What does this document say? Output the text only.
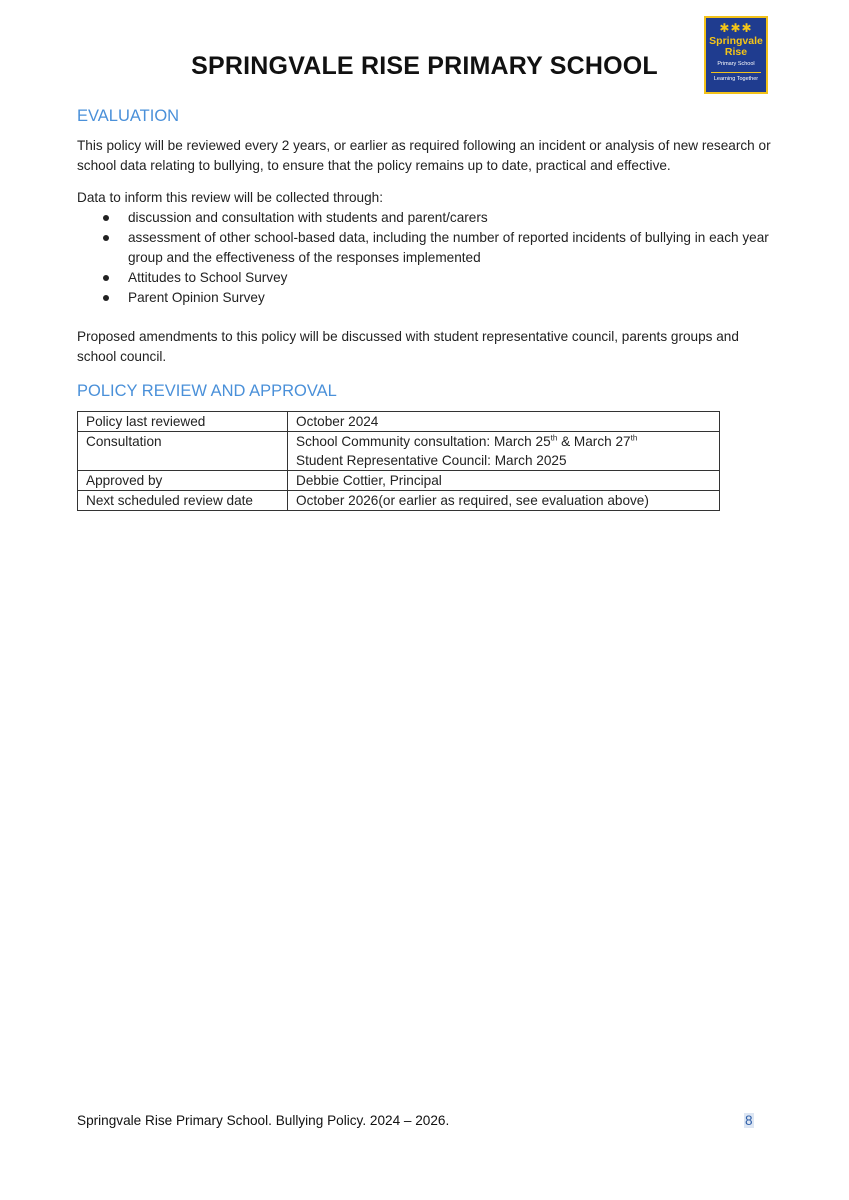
SPRINGVALE RISE PRIMARY SCHOOL
✱✱✱
Springvale
Rise
Primary School
Learning Together
EVALUATION
This policy will be reviewed every 2 years, or earlier as required following an incident or analysis of new research or school data relating to bullying, to ensure that the policy remains up to date, practical and effective.
Data to inform this review will be collected through:
discussion and consultation with students and parent/carers
assessment of other school-based data, including the number of reported incidents of bullying in each year group and the effectiveness of the responses implemented
Attitudes to School Survey
Parent Opinion Survey
Proposed amendments to this policy will be discussed with student representative council, parents groups and school council.
POLICY REVIEW AND APPROVAL
Policy last reviewed	October 2024
Consultation	School Community consultation: March 25th & March 27th
Student Representative Council: March 2025

Approved by	Debbie Cottier, Principal
Next scheduled review date	October 2026(or earlier as required, see evaluation above)
Springvale Rise Primary School. Bullying Policy. 2024 – 2026.	8
